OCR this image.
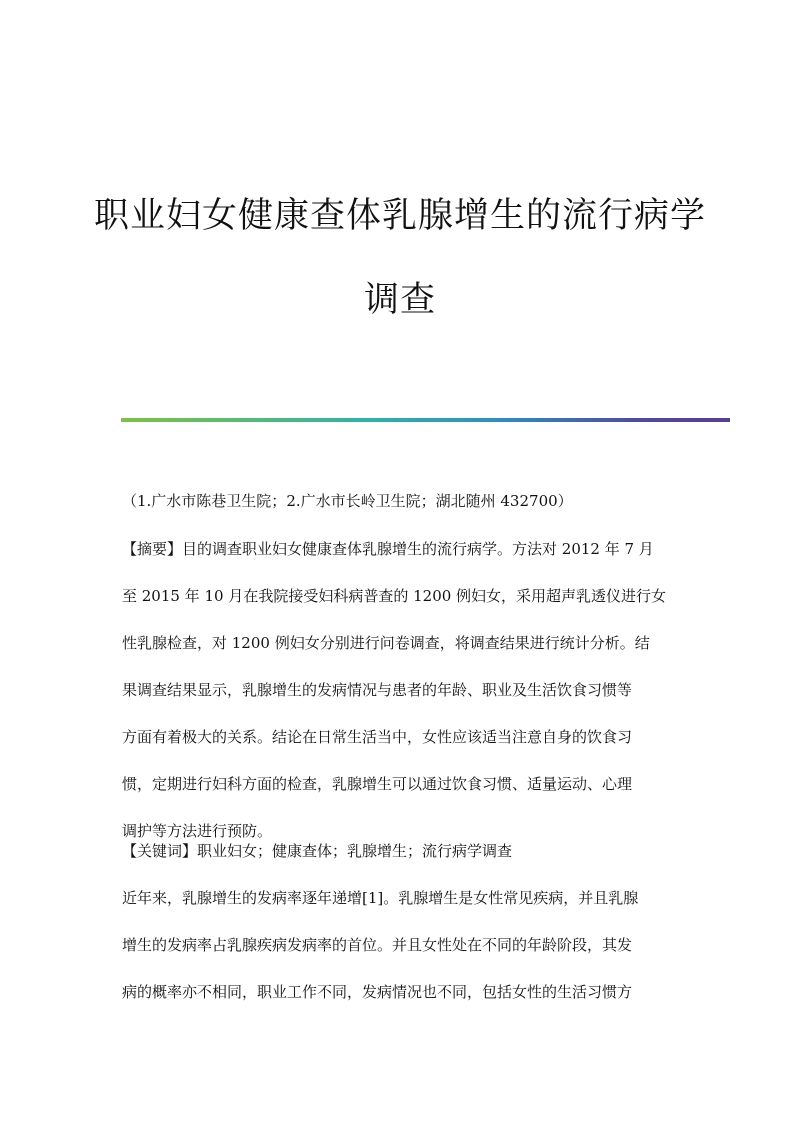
职业妇女健康查体乳腺增生的流行病学
调查
（1.广水市陈巷卫生院；2.广水市长岭卫生院；湖北随州 432700）
【摘要】目的调查职业妇女健康查体乳腺增生的流行病学。方法对 2012 年 7 月
至 2015 年 10 月在我院接受妇科病普查的 1200 例妇女，采用超声乳透仪进行女
性乳腺检查，对 1200 例妇女分别进行问卷调查，将调查结果进行统计分析。结
果调查结果显示，乳腺增生的发病情况与患者的年龄、职业及生活饮食习惯等
方面有着极大的关系。结论在日常生活当中，女性应该适当注意自身的饮食习
惯，定期进行妇科方面的检查，乳腺增生可以通过饮食习惯、适量运动、心理
调护等方法进行预防。
【关键词】职业妇女；健康查体；乳腺增生；流行病学调查
近年来，乳腺增生的发病率逐年递增[1]。乳腺增生是女性常见疾病，并且乳腺
增生的发病率占乳腺疾病发病率的首位。并且女性处在不同的年龄阶段，其发
病的概率亦不相同，职业工作不同，发病情况也不同，包括女性的生活习惯方
